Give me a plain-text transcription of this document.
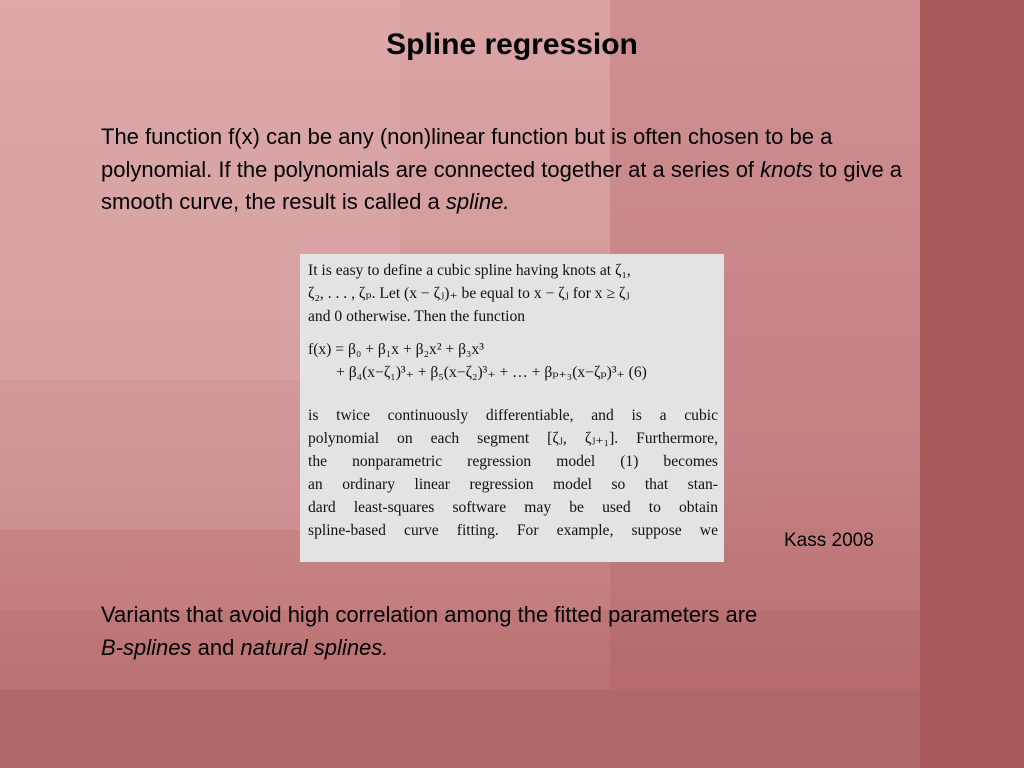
Spline regression
The function f(x) can be any (non)linear function but is often chosen to be a polynomial. If the polynomials are connected together at a series of knots to give a smooth curve, the result is called a spline.
It is easy to define a cubic spline having knots at ζ₁,
ζ₂, . . . , ζₚ. Let (x − ζⱼ)₊ be equal to x − ζⱼ for x ≥ ζⱼ
and 0 otherwise. Then the function
f(x) = β₀ + β₁x + β₂x² + β₃x³
+ β₄(x−ζ₁)³₊ + β₅(x−ζ₂)³₊ + … + βₚ₊₃(x−ζₚ)³₊ (6)
is twice continuously differentiable, and is a cubic
polynomial on each segment [ζⱼ, ζⱼ₊₁]. Furthermore,
the nonparametric regression model (1) becomes
an ordinary linear regression model so that stan-
dard least-squares software may be used to obtain
spline-based curve fitting. For example, suppose we	Kass 2008
Variants that avoid high correlation among the fitted parameters are
B-splines and natural splines.
